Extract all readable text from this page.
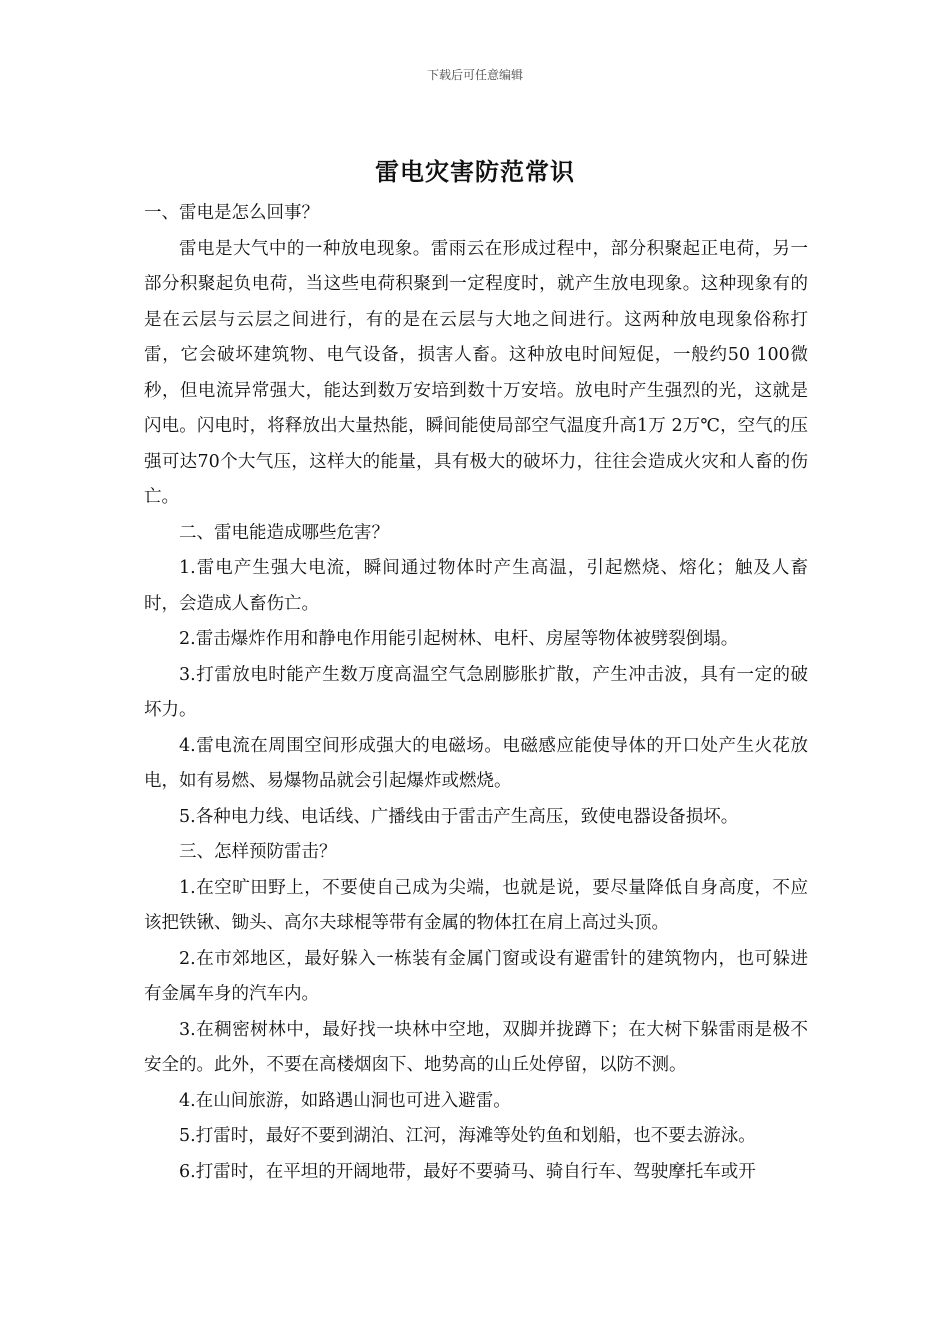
下载后可任意编辑
雷电灾害防范常识

一、雷电是怎么回事？

雷电是大气中的一种放电现象。雷雨云在形成过程中，部分积聚起正电荷，另一部分积聚起负电荷，当这些电荷积聚到一定程度时，就产生放电现象。这种现象有的是在云层与云层之间进行，有的是在云层与大地之间进行。这两种放电现象俗称打雷，它会破坏建筑物、电气设备，损害人畜。这种放电时间短促，一般约50 100微秒，但电流异常强大，能达到数万安培到数十万安培。放电时产生强烈的光，这就是闪电。闪电时，将释放出大量热能，瞬间能使局部空气温度升高1万 2万℃，空气的压强可达70个大气压，这样大的能量，具有极大的破坏力，往往会造成火灾和人畜的伤亡。

二、雷电能造成哪些危害？

1.雷电产生强大电流，瞬间通过物体时产生高温，引起燃烧、熔化；触及人畜时，会造成人畜伤亡。

2.雷击爆炸作用和静电作用能引起树林、电杆、房屋等物体被劈裂倒塌。

3.打雷放电时能产生数万度高温空气急剧膨胀扩散，产生冲击波，具有一定的破坏力。

4.雷电流在周围空间形成强大的电磁场。电磁感应能使导体的开口处产生火花放电，如有易燃、易爆物品就会引起爆炸或燃烧。

5.各种电力线、电话线、广播线由于雷击产生高压，致使电器设备损坏。

三、怎样预防雷击？

1.在空旷田野上，不要使自己成为尖端，也就是说，要尽量降低自身高度，不应该把铁锹、锄头、高尔夫球棍等带有金属的物体扛在肩上高过头顶。

2.在市郊地区，最好躲入一栋装有金属门窗或设有避雷针的建筑物内，也可躲进有金属车身的汽车内。

3.在稠密树林中，最好找一块林中空地，双脚并拢蹲下；在大树下躲雷雨是极不安全的。此外，不要在高楼烟囱下、地势高的山丘处停留，以防不测。

4.在山间旅游，如路遇山洞也可进入避雷。

5.打雷时，最好不要到湖泊、江河，海滩等处钓鱼和划船，也不要去游泳。

6.打雷时，在平坦的开阔地带，最好不要骑马、骑自行车、驾驶摩托车或开
